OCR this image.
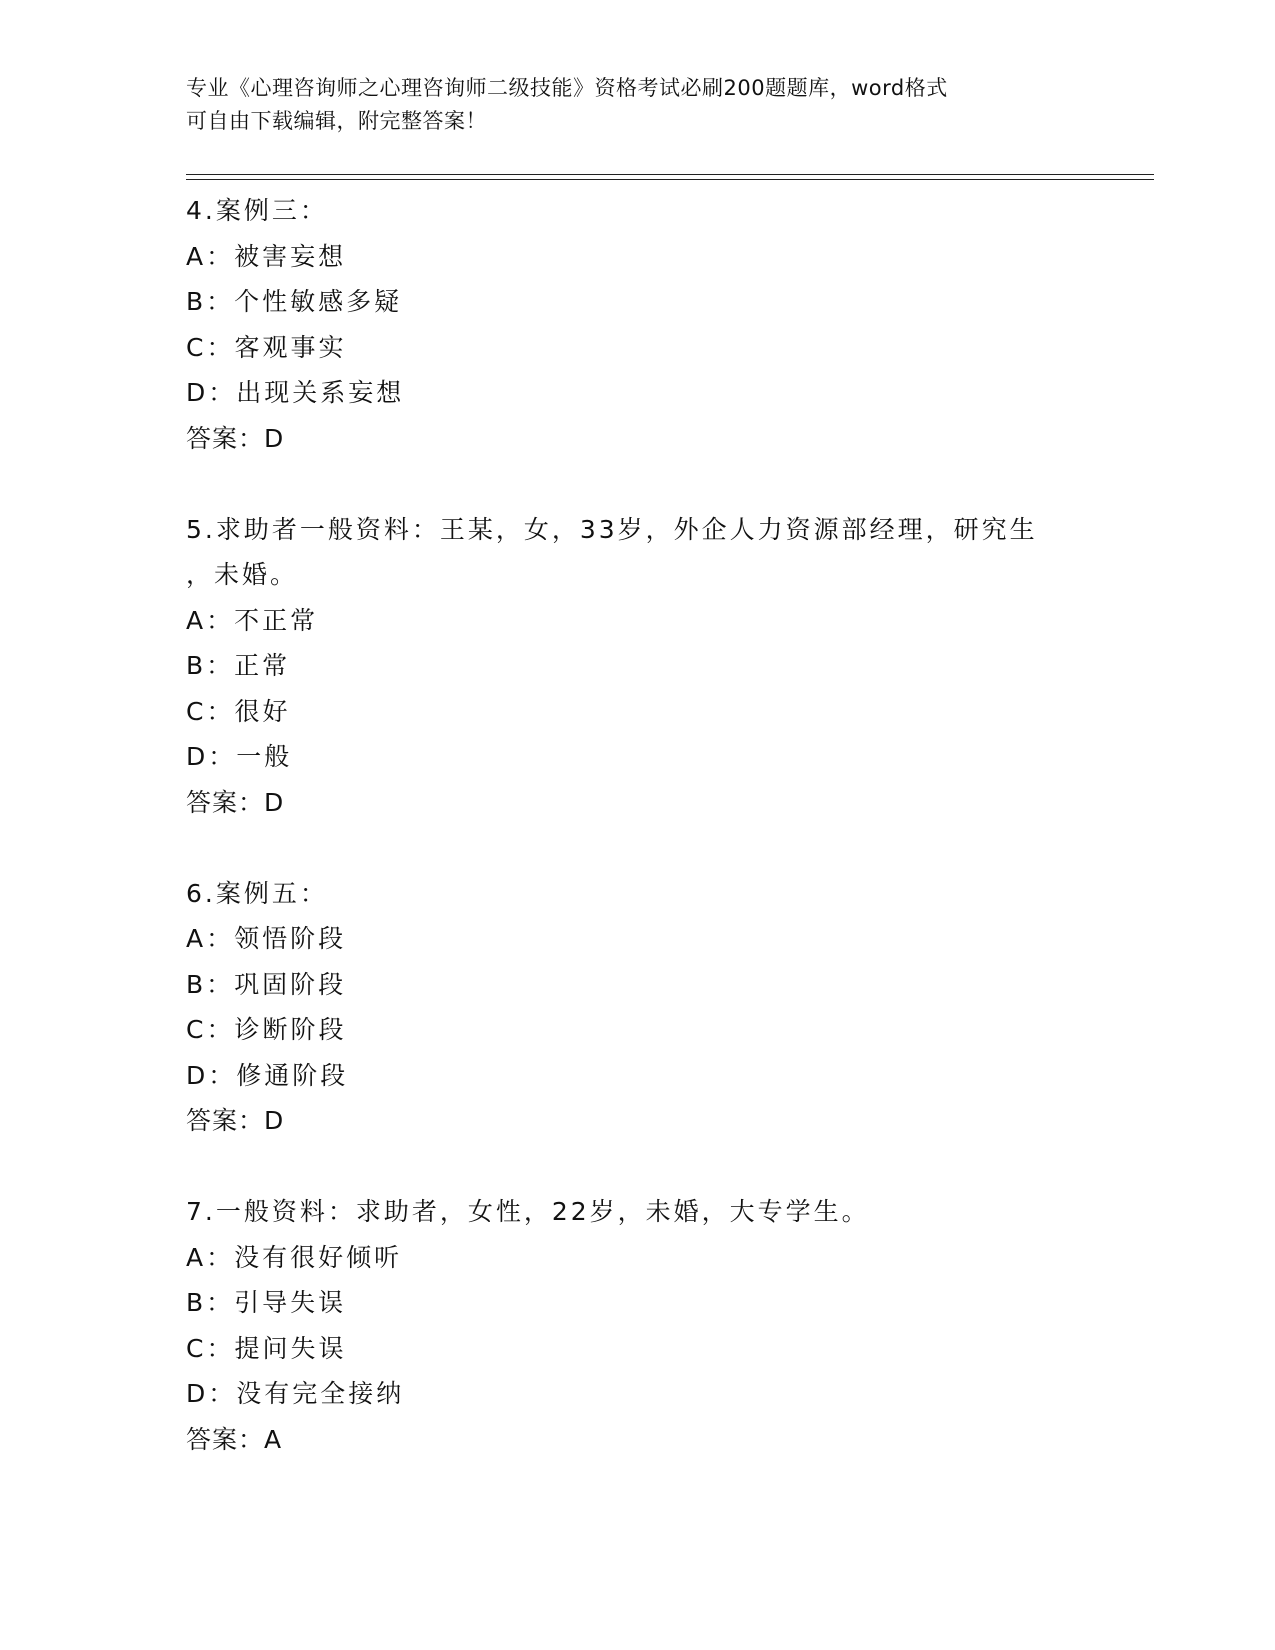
专业《心理咨询师之心理咨询师二级技能》资格考试必刷200题题库，word格式
可自由下载编辑，附完整答案！
4.案例三：
A：被害妄想
B：个性敏感多疑
C：客观事实
D：出现关系妄想
答案：D
5.求助者一般资料：王某，女，33岁，外企人力资源部经理，研究生
，未婚。
A：不正常
B：正常
C：很好
D：一般
答案：D
6.案例五：
A：领悟阶段
B：巩固阶段
C：诊断阶段
D：修通阶段
答案：D
7.一般资料：求助者，女性，22岁，未婚，大专学生。
A：没有很好倾听
B：引导失误
C：提问失误
D：没有完全接纳
答案：A
